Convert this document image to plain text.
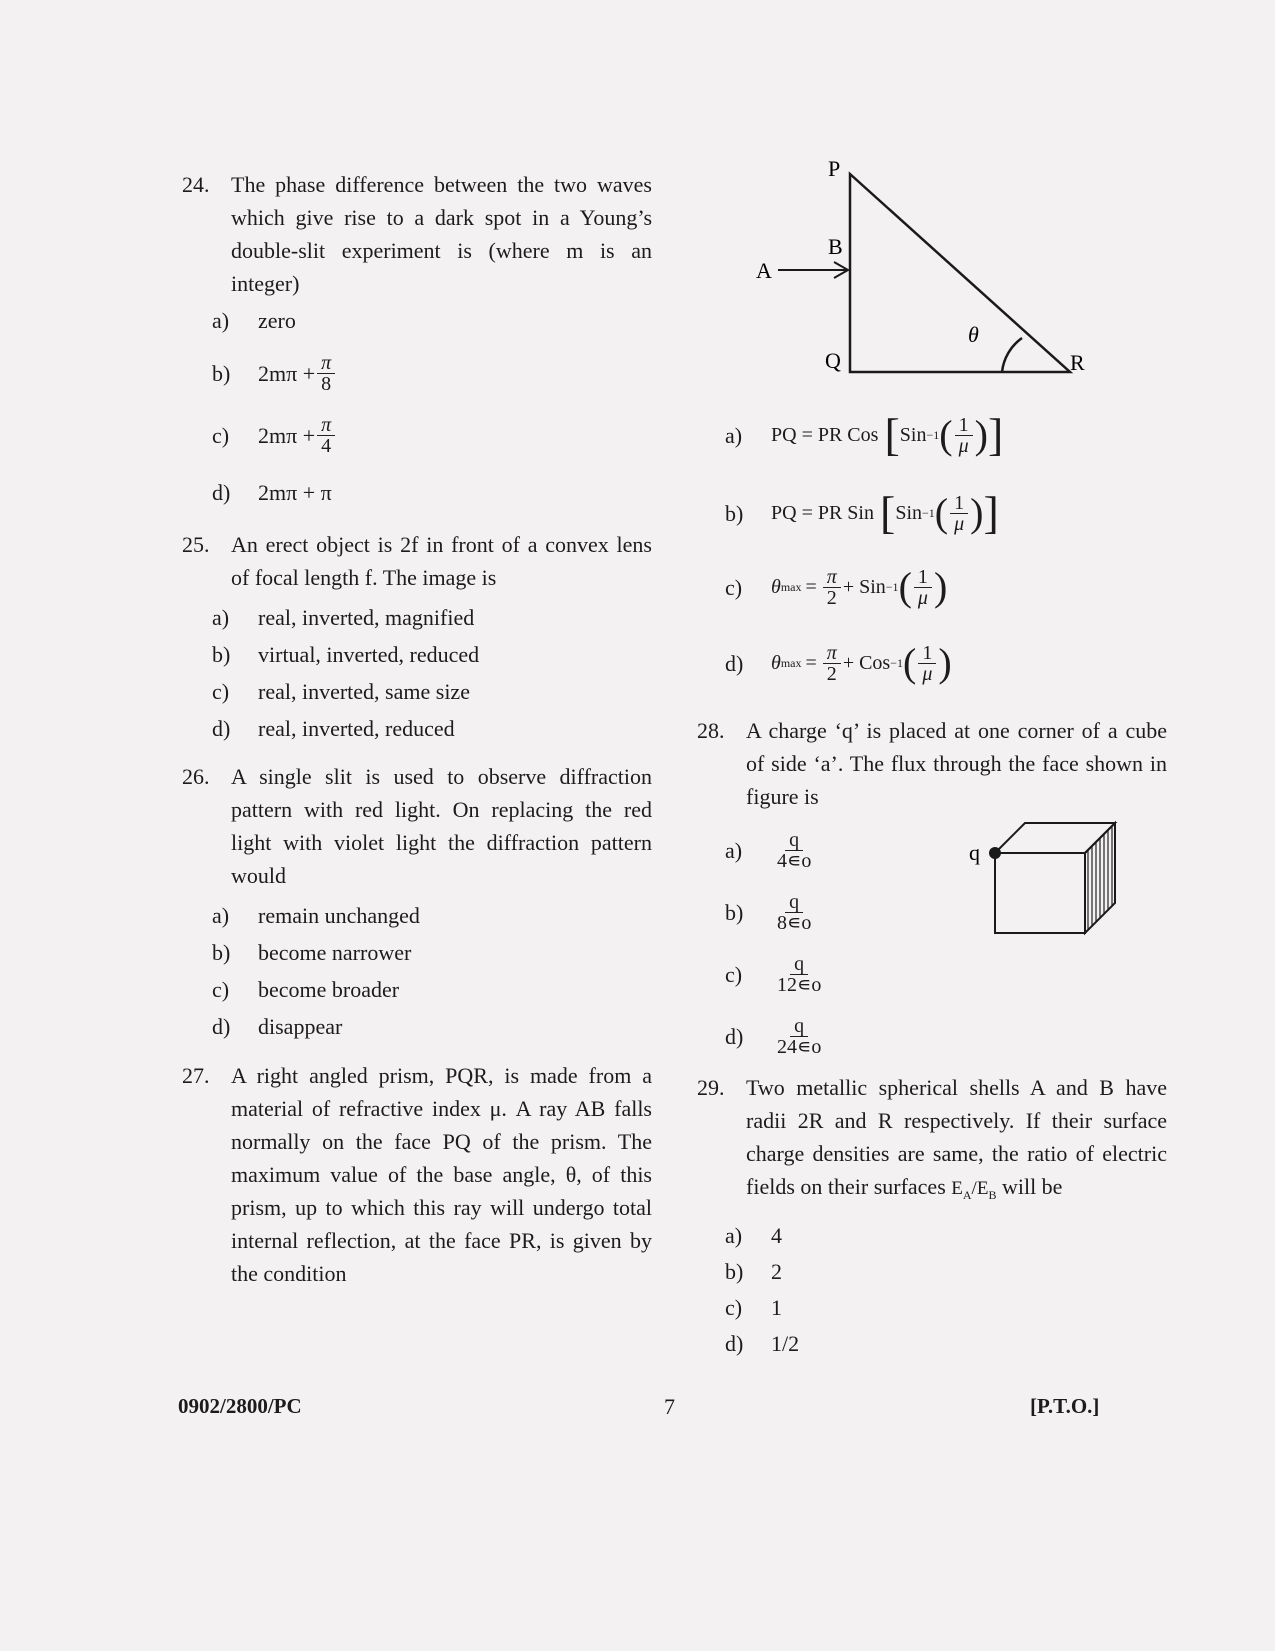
24. The phase difference between the two waves which give rise to a dark spot in a Young’s double-slit experiment is (where m is an integer)
a)	zero
b)	$2m\pi + \frac{\pi}{8}$
c)	$2m\pi + \frac{\pi}{4}$
d)	2mπ + π
25. An erect object is 2f in front of a convex lens of focal length f. The image is
a)	real, inverted, magnified
b)	virtual, inverted, reduced
c)	real, inverted, same size
d)	real, inverted, reduced
26. A single slit is used to observe diffraction pattern with red light. On replacing the red light with violet light the diffraction pattern would
a)	remain unchanged
b)	become narrower
c)	become broader
d)	disappear
27. A right angled prism, PQR, is made from a material of refractive index μ. A ray AB falls normally on the face PQ of the prism. The maximum value of the base angle, θ, of this prism, up to which this ray will undergo total internal reflection, at the face PR, is given by the condition
P
B
A
Q	R
θ
a)	PQ = PR Cos [ Sin −1 ( $\frac{1}{\mu}$ ) ]
b)	PQ = PR Sin [ Sin −1 ( $\frac{1}{\mu}$ ) ]
c)	θ $\max = \frac{\pi}{2}$ + Sin −1 ( $\frac{1}{\mu}$ )
d)	θ $\max = \frac{\pi}{2}$ + Cos −1 ( $\frac{1}{\mu}$ )
28. A charge ‘q’ is placed at one corner of a cube of side ‘a’. The flux through the face shown in figure is
a)	$\frac{q}{4∊o}$
b)	$\frac{q}{8∊o}$
c)	$\frac{q}{12∊o}$
d)	$\frac{q}{24∊o}$
29. Two metallic spherical shells A and B have radii 2R and R respectively. If their surface charge densities are same, the ratio of electric fields on their surfaces $E_A/E_B$ will be
a)	4
b)	2
c)	1
d)	1/2
q
0902/2800/PC	7	[P.T.O.]
